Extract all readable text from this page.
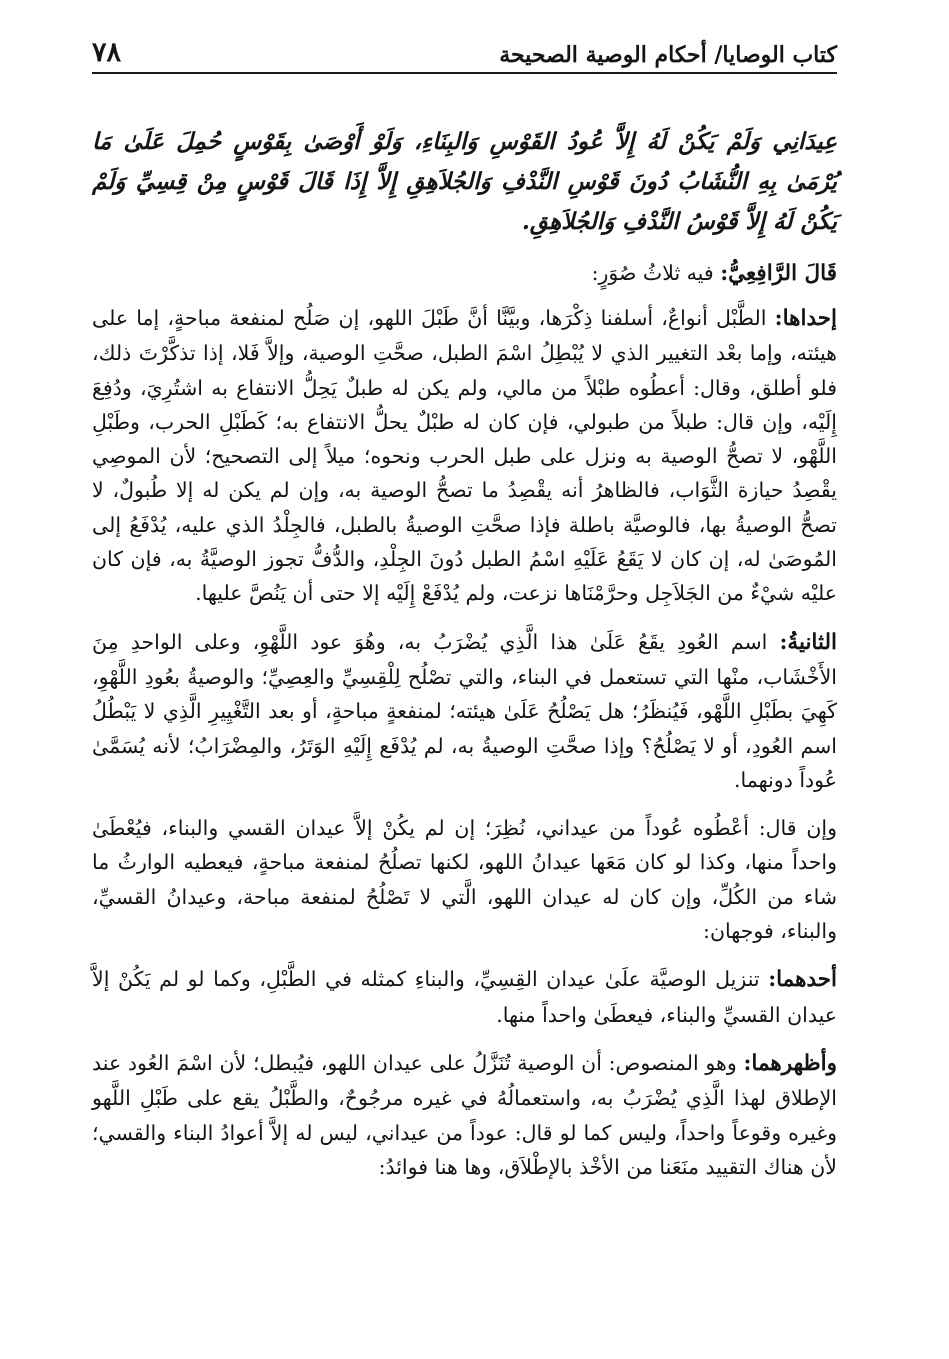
كتاب الوصايا/ أحكام الوصية الصحيحة
٧٨

عِيدَانِي وَلَمْ يَكُنْ لَهُ إِلاَّ عُودُ القَوْسِ وَالبِنَاءِ، وَلَوْ أَوْصَىٰ بِقَوْسٍ حُمِلَ عَلَىٰ مَا يُرْمَىٰ بِهِ النُّشَابُ دُونَ قَوْسِ النَّدْفِ وَالجُلاَهِقِ إِلاَّ إِذَا قَالَ قَوْسٍ مِنْ قِسِيِّ وَلَمْ يَكُنْ لَهُ إِلاَّ قَوْسُ النَّدْفِ وَالجُلاَهِقِ.

قَالَ الرَّافِعِيُّ: فيه ثلاثُ صُوَرٍ:

إحداها: الطَّبْل أنواعٌ، أسلفنا ذِكْرَها، وبيَّنَّا أنَّ طَبْلَ اللهو، إن صَلُح لمنفعة مباحةٍ، إما على هيئته، وإما بعْد التغيير الذي لا يُبْطِلُ اسْمَ الطبل، صحَّتِ الوصية، وإلاَّ فَلا، إذا تذكَّرْتَ ذلك، فلو أطلق، وقال: أعطُوه طبْلاً من مالي، ولم يكن له طبلٌ يَحِلُّ الانتفاع به اشتُرِيَ، ودُفِعَ إِلَيْه، وإن قال: طبلاً من طبولي، فإن كان له طبْلٌ يحلُّ الانتفاع به؛ كَطَبْلِ الحرب، وطَبْلِ اللَّهْو، لا تصحُّ الوصية به ونزل على طبل الحرب ونحوه؛ ميلاً إلى التصحيح؛ لأن الموصِي يقْصِدُ حيازة الثَّوَاب، فالظاهرُ أنه يقْصِدُ ما تصحُّ الوصية به، وإن لم يكن له إلا طُبولٌ، لا تصحُّ الوصيةُ بها، فالوصيَّة باطلة فإذا صحَّتِ الوصيةُ بالطبل، فالجِلْدُ الذي عليه، يُدْفَعُ إلى المُوصَىٰ له، إن كان لا يَقَعُ عَلَيْهِ اسْمُ الطبل دُونَ الجِلْدِ، والدُّفُّ تجوز الوصيَّةُ به، فإن كان عليْه شيْءٌ من الجَلاَجِل وحرَّمْنَاها نزعت، ولم يُدْفَعْ إِلَيْه إلا حتى أن يَنُصَّ عليها.

الثانيةُ: اسم العُودِ يقَعُ عَلَىٰ هذا الَّذِي يُضْرَبُ به، وهُوَ عود اللَّهْوِ، وعلى الواحدِ مِنَ الأَخْشَاب، منْها التي تستعمل في البناء، والتي تصْلُح لِلْقِسِيِّ والعِصِيِّ؛ والوصيةُ بعُودِ اللَّهْوِ، كَهِيَ بطَبْلِ اللَّهْو، فَيُنظَرُ؛ هل يَصْلُحُ عَلَىٰ هيئته؛ لمنفعةٍ مباحةٍ، أو بعد التَّغْيِيرِ الَّذِي لا يَبْطُلُ اسم العُودِ، أو لا يَصْلُحُ؟ وإذا صحَّتِ الوصيةُ به، لم يُدْفَع إِلَيْهِ الوَتَرُ، والمِضْرَابُ؛ لأنه يُسَمَّىٰ عُوداً دونهما.

وإن قال: أعْطُوه عُوداً من عيداني، نُظِرَ؛ إن لم يكُنْ إلاَّ عيدان القسي والبناء، فيُعْطَىٰ واحداً منها، وكذا لو كان مَعَها عيدانُ اللهو، لكنها تصلُحُ لمنفعة مباحةٍ، فيعطيه الوارثُ ما شاء من الكُلِّ، وإن كان له عيدان اللهو، الَّتي لا تَصْلُحُ لمنفعة مباحة، وعيدانُ القسيِّ، والبناء، فوجهان:

أحدهما: تنزيل الوصيَّة علَىٰ عيدان القِسِيِّ، والبناءِ كمثله في الطَّبْلِ، وكما لو لم يَكُنْ إلاَّ عيدان القسيِّ والبناء، فيعطَىٰ واحداً منها.

وأظهرهما: وهو المنصوص: أن الوصية تُنَزَّلُ على عيدان اللهو، فيُبطل؛ لأن اسْمَ العُود عند الإطلاق لهذا الَّذِي يُضْرَبُ به، واستعمالُهُ في غيره مرجُوحٌ، والطَّبْلُ يقع على طَبْلِ اللَّهو وغيره وقوعاً واحداً، وليس كما لو قال: عوداً من عيداني، ليس له إلاَّ أعوادُ البناء والقسي؛ لأن هناك التقييد منَعَنا من الأخْذ بالإطْلاَق، وها هنا فوائدُ:
